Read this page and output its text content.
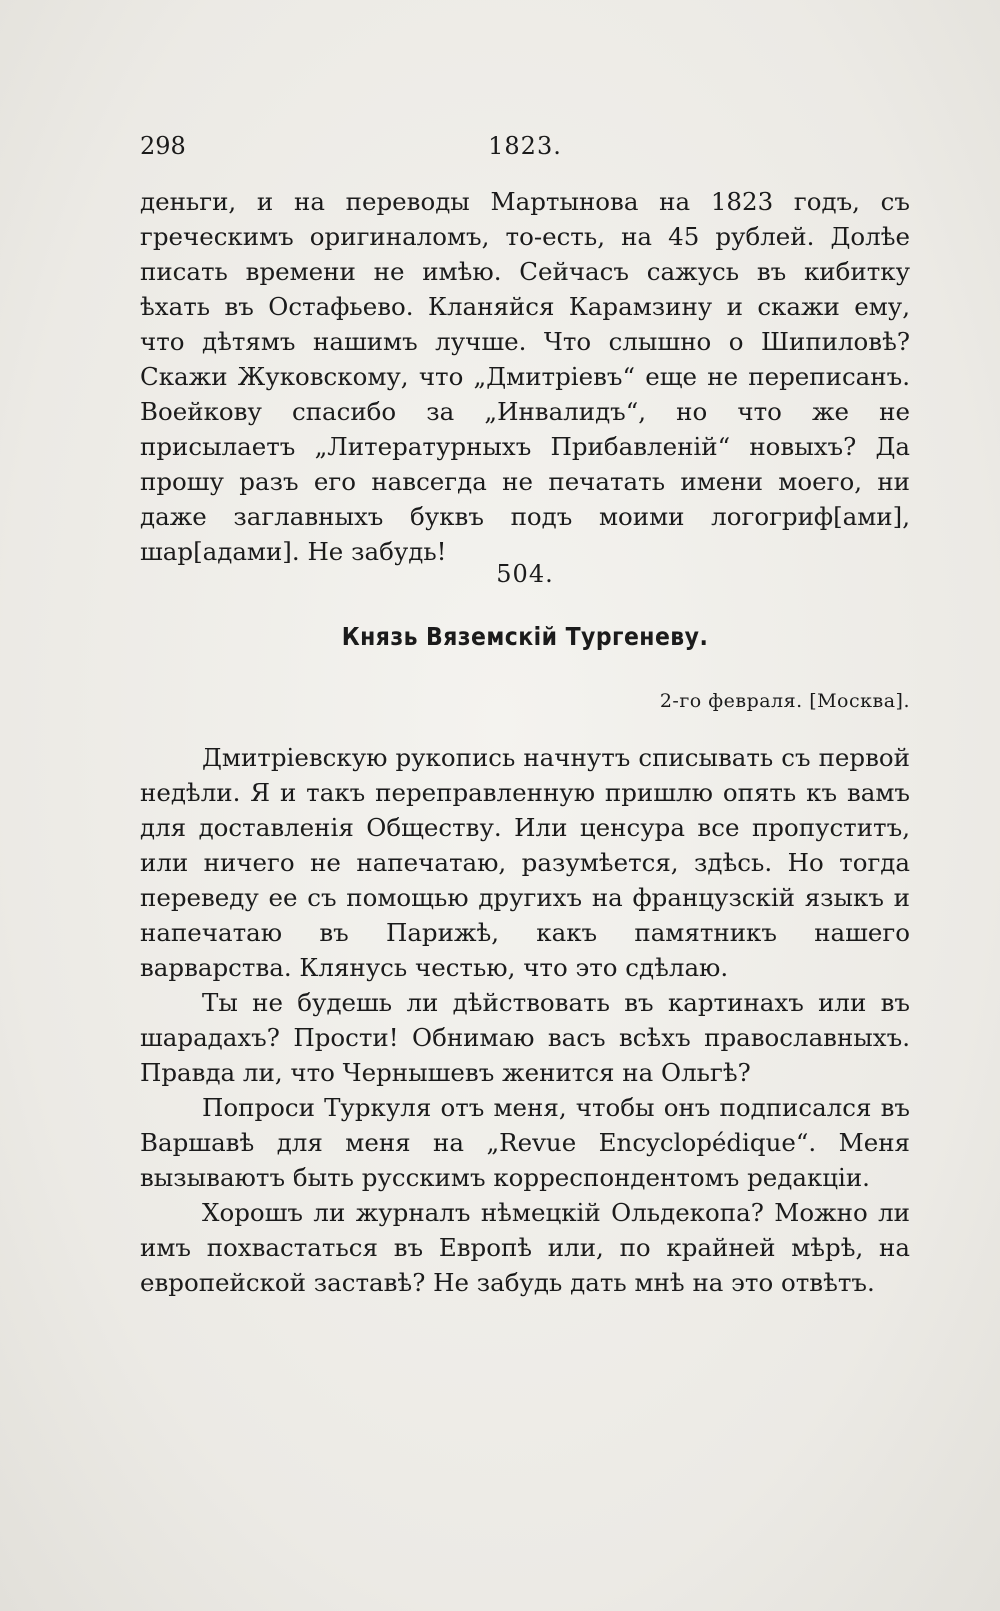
298	1823.

деньги, и на переводы Мартынова на 1823 годъ, съ греческимъ оригиналомъ, то-есть, на 45 рублей. Долѣе писать времени не имѣю. Сейчасъ сажусь въ кибитку ѣхать въ Остафьево. Кланяйся Карамзину и скажи ему, что дѣтямъ нашимъ лучше. Что слышно о Шипиловѣ? Скажи Жуковскому, что „Дмитріевъ“ еще не переписанъ. Воейкову спасибо за „Инвалидъ“, но что же не присылаетъ „Литературныхъ Прибавленій“ новыхъ? Да прошу разъ его навсегда не печатать имени моего, ни даже заглавныхъ буквъ подъ моими логогриф[ами], шар[адами]. Не забудь!

504.
Князь Вяземскій Тургеневу.
2-го февраля. [Москва].

Дмитріевскую рукопись начнутъ списывать съ первой недѣли. Я и такъ переправленную пришлю опять къ вамъ для доставленія Обществу. Или ценсура все пропуститъ, или ничего не напечатаю, разумѣется, здѣсь. Но тогда переведу ее съ помощью другихъ на французскій языкъ и напечатаю въ Парижѣ, какъ памятникъ нашего варварства. Клянусь честью, что это сдѣлаю.

Ты не будешь ли дѣйствовать въ картинахъ или въ шарадахъ? Прости! Обнимаю васъ всѣхъ православныхъ. Правда ли, что Чернышевъ женится на Ольгѣ?

Попроси Туркуля отъ меня, чтобы онъ подписался въ Варшавѣ для меня на „Revue Encyclopédique“. Меня вызываютъ быть русскимъ корреспондентомъ редакціи.

Хорошъ ли журналъ нѣмецкій Ольдекопа? Можно ли имъ похвастаться въ Европѣ или, по крайней мѣрѣ, на европейской заставѣ? Не забудь дать мнѣ на это отвѣтъ.
